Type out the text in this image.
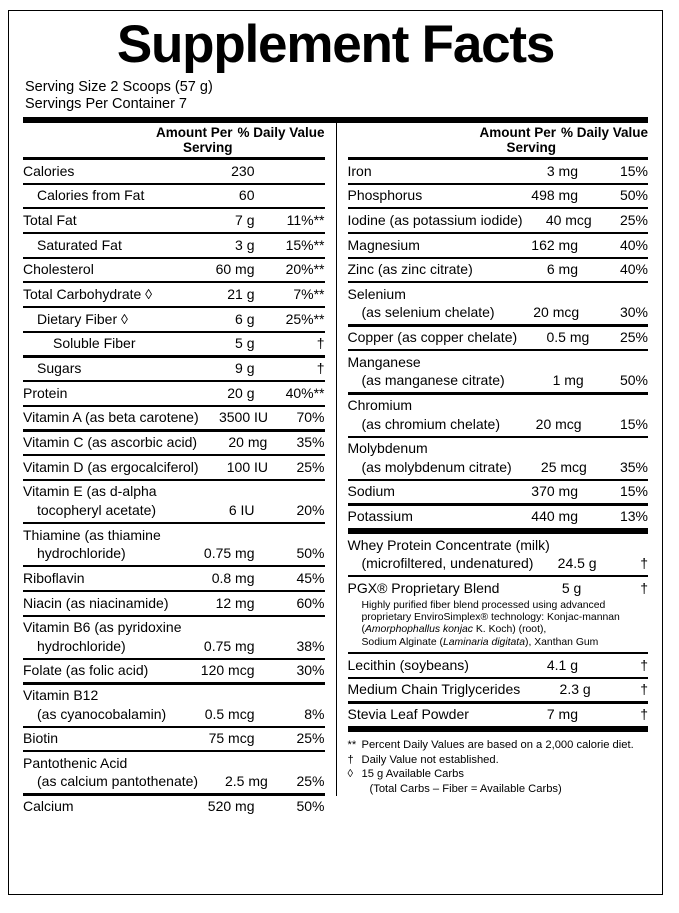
Supplement Facts
Serving Size 2 Scoops (57 g)
Servings Per Container 7
Amount Per Serving
% Daily Value
Calories	230
Calories from Fat	60
Total Fat	7 g	11%**
Saturated Fat	3 g	15%**
Cholesterol	60 mg	20%**
Total Carbohydrate ◊	21 g	7%**
Dietary Fiber ◊	6 g	25%**
Soluble Fiber	5 g	†
Sugars	9 g	†
Protein	20 g	40%**
Vitamin A (as beta carotene)	3500 IU	70%
Vitamin C (as ascorbic acid)	20 mg	35%
Vitamin D (as ergocalciferol)	100 IU	25%
Vitamin E (as d-alpha
tocopheryl acetate)	6 IU	20%
Thiamine (as thiamine
hydrochloride)	0.75 mg	50%
Riboflavin	0.8 mg	45%
Niacin (as niacinamide)	12 mg	60%
Vitamin B6 (as pyridoxine
hydrochloride)	0.75 mg	38%
Folate (as folic acid)	120 mcg	30%
Vitamin B12
(as cyanocobalamin)	0.5 mcg	8%
Biotin	75 mcg	25%
Pantothenic Acid
(as calcium pantothenate)	2.5 mg	25%
Calcium	520 mg	50%
Amount Per Serving
% Daily Value
Iron	3 mg	15%
Phosphorus	498 mg	50%
Iodine (as potassium iodide)	40 mcg	25%
Magnesium	162 mg	40%
Zinc (as zinc citrate)	6 mg	40%
Selenium
(as selenium chelate)	20 mcg	30%
Copper (as copper chelate)	0.5 mg	25%
Manganese
(as manganese citrate)	1 mg	50%
Chromium
(as chromium chelate)	20 mcg	15%
Molybdenum
(as molybdenum citrate)	25 mcg	35%
Sodium	370 mg	15%
Potassium	440 mg	13%
Whey Protein Concentrate (milk)
(microfiltered, undenatured)	24.5 g	†
PGX® Proprietary Blend	5 g	†
Highly purified fiber blend processed using advanced
proprietary EnviroSimplex® technology: Konjac-mannan
(Amorphophallus konjac K. Koch) (root),
Sodium Alginate (Laminaria digitata), Xanthan Gum
Lecithin (soybeans)	4.1 g	†
Medium Chain Triglycerides	2.3 g	†
Stevia Leaf Powder	7 mg	†
** Percent Daily Values are based on a 2,000 calorie diet.
† Daily Value not established.
◊ 15 g Available Carbs
(Total Carbs – Fiber = Available Carbs)
